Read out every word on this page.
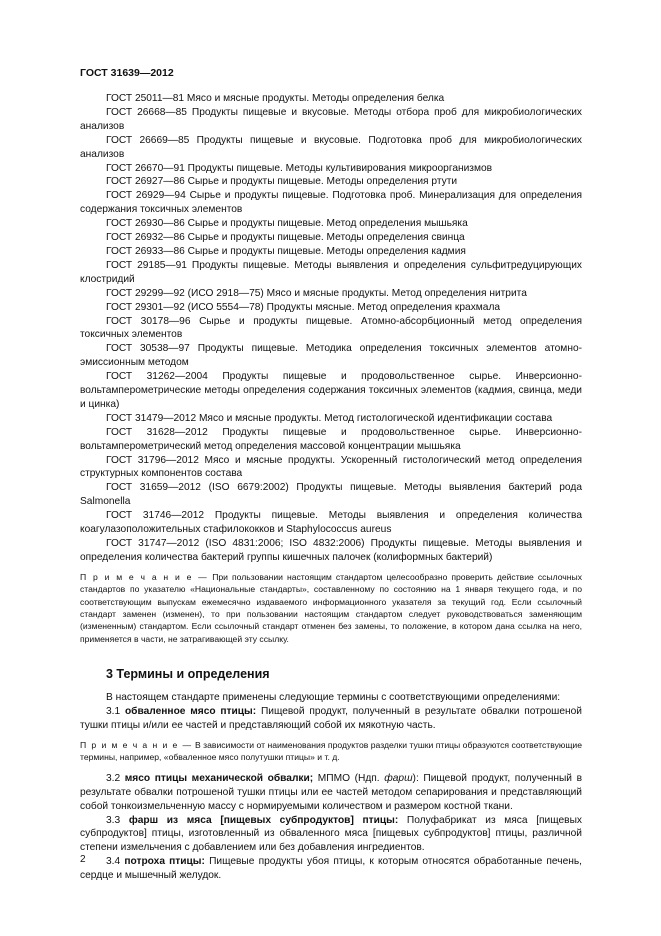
ГОСТ 31639—2012

ГОСТ 25011—81 Мясо и мясные продукты. Методы определения белка

ГОСТ 26668—85 Продукты пищевые и вкусовые. Методы отбора проб для микробиологических анализов

ГОСТ 26669—85 Продукты пищевые и вкусовые. Подготовка проб для микробиологических анализов

ГОСТ 26670—91 Продукты пищевые. Методы культивирования микроорганизмов

ГОСТ 26927—86 Сырье и продукты пищевые. Методы определения ртути

ГОСТ 26929—94 Сырье и продукты пищевые. Подготовка проб. Минерализация для определения содержания токсичных элементов

ГОСТ 26930—86 Сырье и продукты пищевые. Метод определения мышьяка

ГОСТ 26932—86 Сырье и продукты пищевые. Методы определения свинца

ГОСТ 26933—86 Сырье и продукты пищевые. Методы определения кадмия

ГОСТ 29185—91 Продукты пищевые. Методы выявления и определения сульфитредуцирующих клостридий

ГОСТ 29299—92 (ИСО 2918—75) Мясо и мясные продукты. Метод определения нитрита

ГОСТ 29301—92 (ИСО 5554—78) Продукты мясные. Метод определения крахмала

ГОСТ 30178—96 Сырье и продукты пищевые. Атомно-абсорбционный метод определения токсичных элементов

ГОСТ 30538—97 Продукты пищевые. Методика определения токсичных элементов атомно-эмиссионным методом

ГОСТ 31262—2004 Продукты пищевые и продовольственное сырье. Инверсионно-вольтамперометрические методы определения содержания токсичных элементов (кадмия, свинца, меди и цинка)

ГОСТ 31479—2012 Мясо и мясные продукты. Метод гистологической идентификации состава

ГОСТ 31628—2012 Продукты пищевые и продовольственное сырье. Инверсионно-вольтамперометрический метод определения массовой концентрации мышьяка

ГОСТ 31796—2012 Мясо и мясные продукты. Ускоренный гистологический метод определения структурных компонентов состава

ГОСТ 31659—2012 (ISO 6679:2002) Продукты пищевые. Методы выявления бактерий рода Salmonella

ГОСТ 31746—2012 Продукты пищевые. Методы выявления и определения количества коагулазоположительных стафилококков и Staphylococcus aureus

ГОСТ 31747—2012 (ISO 4831:2006; ISO 4832:2006) Продукты пищевые. Методы выявления и определения количества бактерий группы кишечных палочек (колиформных бактерий)

П р и м е ч а н и е — При пользовании настоящим стандартом целесообразно проверить действие ссылочных стандартов по указателю «Национальные стандарты», составленному по состоянию на 1 января текущего года, и по соответствующим выпускам ежемесячно издаваемого информационного указателя за текущий год. Если ссылочный стандарт заменен (изменен), то при пользовании настоящим стандартом следует руководствоваться заменяющим (измененным) стандартом. Если ссылочный стандарт отменен без замены, то положение, в котором дана ссылка на него, применяется в части, не затрагивающей эту ссылку.

3 Термины и определения

В настоящем стандарте применены следующие термины с соответствующими определениями:

3.1 обваленное мясо птицы: Пищевой продукт, полученный в результате обвалки потрошеной тушки птицы и/или ее частей и представляющий собой их мякотную часть.

П р и м е ч а н и е — В зависимости от наименования продуктов разделки тушки птицы образуются соответствующие термины, например, «обваленное мясо полутушки птицы» и т. д.

3.2 мясо птицы механической обвалки; МПМО (Ндп. фарш): Пищевой продукт, полученный в результате обвалки потрошеной тушки птицы или ее частей методом сепарирования и представляющий собой тонкоизмельченную массу с нормируемыми количеством и размером костной ткани.

3.3 фарш из мяса [пищевых субпродуктов] птицы: Полуфабрикат из мяса [пищевых субпродуктов] птицы, изготовленный из обваленного мяса [пищевых субпродуктов] птицы, различной степени измельчения с добавлением или без добавления ингредиентов.

3.4 потроха птицы: Пищевые продукты убоя птицы, к которым относятся обработанные печень, сердце и мышечный желудок.

2
